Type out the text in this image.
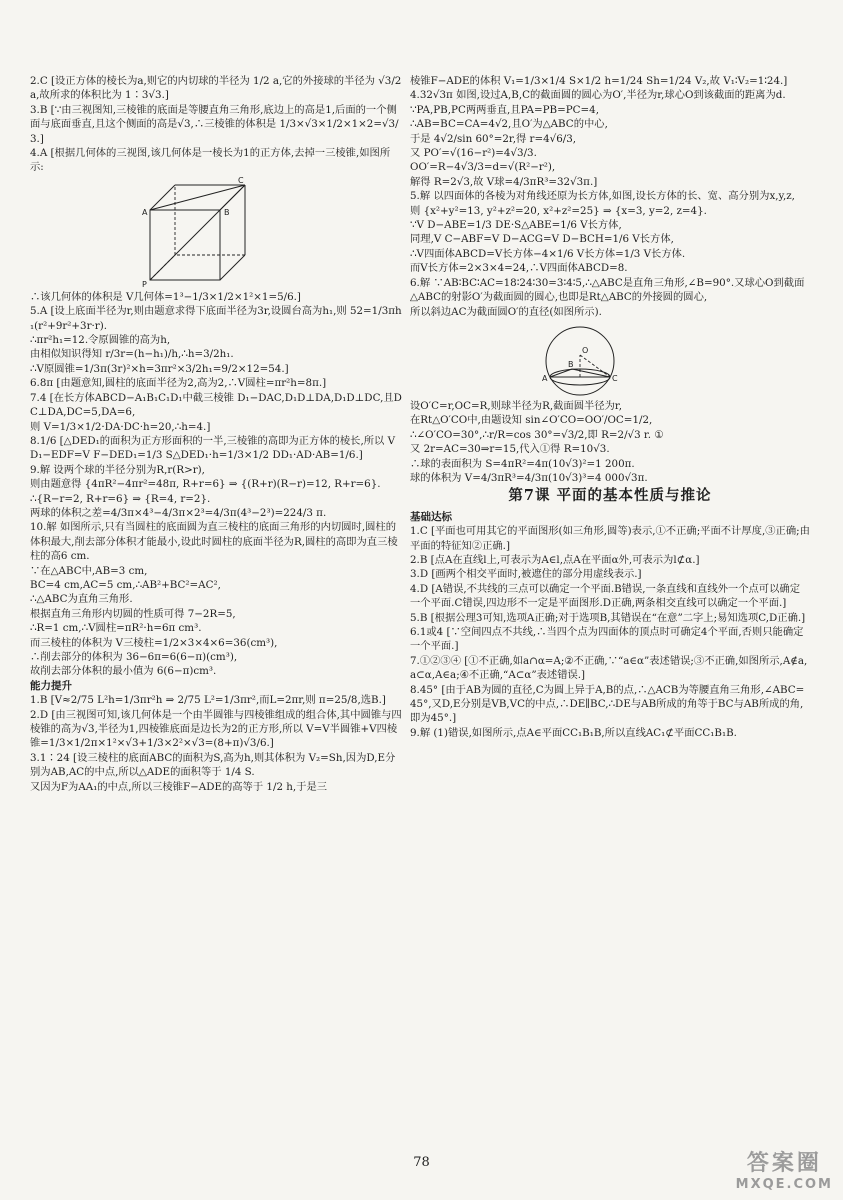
2.C [设正方体的棱长为a,则它的内切球的半径为 1/2 a,它的外接球的半径为 √3/2 a,故所求的体积比为 1∶3√3.]

3.B [∵由三视图知,三棱锥的底面是等腰直角三角形,底边上的高是1,后面的一个侧面与底面垂直,且这个侧面的高是√3,∴三棱锥的体积是 1/3×√3×1/2×1×2=√3/3.]

4.A [根据几何体的三视图,该几何体是一棱长为1的正方体,去掉一三棱锥,如图所示:

A	B
C
P

∴该几何体的体积是 V几何体=1³−1/3×1/2×1²×1=5/6.]

5.A [设上底面半径为r,则由题意求得下底面半径为3r,设圆台高为h₁,则 52=1/3πh₁(r²+9r²+3r·r).

∴πr²h₁=12.令原圆锥的高为h,

由相似知识得知 r/3r=(h−h₁)/h,∴h=3/2h₁.

∴V原圆锥=1/3π(3r)²×h=3πr²×3/2h₁=9/2×12=54.]

6.8π [由题意知,圆柱的底面半径为2,高为2,∴V圆柱=πr²h=8π.]

7.4 [在长方体ABCD−A₁B₁C₁D₁中截三棱锥 D₁−DAC,D₁D⊥DA,D₁D⊥DC,且DC⊥DA,DC=5,DA=6,

则 V=1/3×1/2·DA·DC·h=20,∴h=4.]

8.1/6 [△DED₁的面积为正方形面积的一半,三棱锥的高即为正方体的棱长,所以 V D₁−EDF=V F−DED₁=1/3 S△DED₁·h=1/3×1/2 DD₁·AD·AB=1/6.]

9.解 设两个球的半径分别为R,r(R>r),

则由题意得 {4πR²−4πr²=48π, R+r=6} ⇒ {(R+r)(R−r)=12, R+r=6}.

∴{R−r=2, R+r=6} ⇒ {R=4, r=2}.

两球的体积之差=4/3π×4³−4/3π×2³=4/3π(4³−2³)=224/3 π.

10.解 如图所示,只有当圆柱的底面圆为直三棱柱的底面三角形的内切圆时,圆柱的体积最大,削去部分体积才能最小,设此时圆柱的底面半径为R,圆柱的高即为直三棱柱的高6 cm.

∵在△ABC中,AB=3 cm,

BC=4 cm,AC=5 cm,∴AB²+BC²=AC²,

∴△ABC为直角三角形.

根据直角三角形内切圆的性质可得 7−2R=5,

∴R=1 cm,∴V圆柱=πR²·h=6π cm³.

而三棱柱的体积为 V三棱柱=1/2×3×4×6=36(cm³),

∴削去部分的体积为 36−6π=6(6−π)(cm³),

故削去部分体积的最小值为 6(6−π)cm³.

能力提升

1.B [V≈2/75 L²h=1/3πr²h ⇒ 2/75 L²=1/3πr²,而L=2πr,则 π=25/8,选B.]

2.D [由三视图可知,该几何体是一个由半圆锥与四棱锥组成的组合体,其中圆锥与四棱锥的高为√3,半径为1,四棱锥底面是边长为2的正方形,所以 V=V半圆锥+V四棱锥=1/3×1/2π×1²×√3+1/3×2²×√3=(8+π)√3/6.]

3.1∶24 [设三棱柱的底面ABC的面积为S,高为h,则其体积为 V₂=Sh,因为D,E分别为AB,AC的中点,所以△ADE的面积等于 1/4 S.

又因为F为AA₁的中点,所以三棱锥F−ADE的高等于 1/2 h,于是三

棱锥F−ADE的体积 V₁=1/3×1/4 S×1/2 h=1/24 Sh=1/24 V₂,故 V₁∶V₂=1∶24.]

4.32√3π 如图,设过A,B,C的截面圆的圆心为O′,半径为r,球心O到该截面的距离为d.

∵PA,PB,PC两两垂直,且PA=PB=PC=4,

∴AB=BC=CA=4√2,且O′为△ABC的中心,

于是 4√2/sin 60°=2r,得 r=4√6/3,

又 PO′=√(16−r²)=4√3/3.

OO′=R−4√3/3=d=√(R²−r²),

解得 R=2√3,故 V球=4/3πR³=32√3π.]

5.解 以四面体的各棱为对角线还原为长方体,如图,设长方体的长、宽、高分别为x,y,z,

则 {x²+y²=13, y²+z²=20, x²+z²=25} ⇒ {x=3, y=2, z=4}.

∵V D−ABE=1/3 DE·S△ABE=1/6 V长方体,

同理,V C−ABF=V D−ACG=V D−BCH=1/6 V长方体,

∴V四面体ABCD=V长方体−4×1/6 V长方体=1/3 V长方体.

而V长方体=2×3×4=24,∴V四面体ABCD=8.

6.解 ∵AB∶BC∶AC=18∶24∶30=3∶4∶5,∴△ABC是直角三角形,∠B=90°.又球心O到截面△ABC的射影O′为截面圆的圆心,也即是Rt△ABC的外接圆的圆心,

所以斜边AC为截面圆O′的直径(如图所示).

A	C
B
O

设O′C=r,OC=R,则球半径为R,截面圆半径为r,

在Rt△O′CO中,由题设知 sin∠O′CO=OO′/OC=1/2,

∴∠O′CO=30°,∴r/R=cos 30°=√3/2,即 R=2/√3 r. ①

又 2r=AC=30⇒r=15,代入①得 R=10√3.

∴球的表面积为 S=4πR²=4π(10√3)²=1 200π.

球的体积为 V=4/3πR³=4/3π(10√3)³=4 000√3π.

第7课 平面的基本性质与推论

基础达标

1.C [平面也可用其它的平面图形(如三角形,圆等)表示,①不正确;平面不计厚度,③正确;由平面的特征知②正确.]

2.B [点A在直线l上,可表示为A∈l,点A在平面α外,可表示为l⊄α.]

3.D [画两个相交平面时,被遮住的部分用虚线表示.]

4.D [A错误,不共线的三点可以确定一个平面.B错误,一条直线和直线外一个点可以确定一个平面.C错误,四边形不一定是平面图形.D正确,两条相交直线可以确定一个平面.]

5.B [根据公理3可知,选项A正确;对于选项B,其错误在“在意”二字上;易知选项C,D正确.]

6.1或4 [∵空间四点不共线,∴当四个点为四面体的顶点时可确定4个平面,否则只能确定一个平面.]

7.①②③④ [①不正确,如a∩α=A;②不正确,∵“a∈α”表述错误;③不正确,如图所示,A∉a,a⊂α,A∈a;④不正确,“A⊂α”表述错误.]

8.45° [由于AB为圆的直径,C为圆上异于A,B的点,∴△ACB为等腰直角三角形,∠ABC=45°,又D,E分别是VB,VC的中点,∴DE∥BC,∴DE与AB所成的角等于BC与AB所成的角,即为45°.]

9.解 (1)错误,如图所示,点A∈平面CC₁B₁B,所以直线AC₁⊄平面CC₁B₁B.

78	答案圈
MXQE.COM
